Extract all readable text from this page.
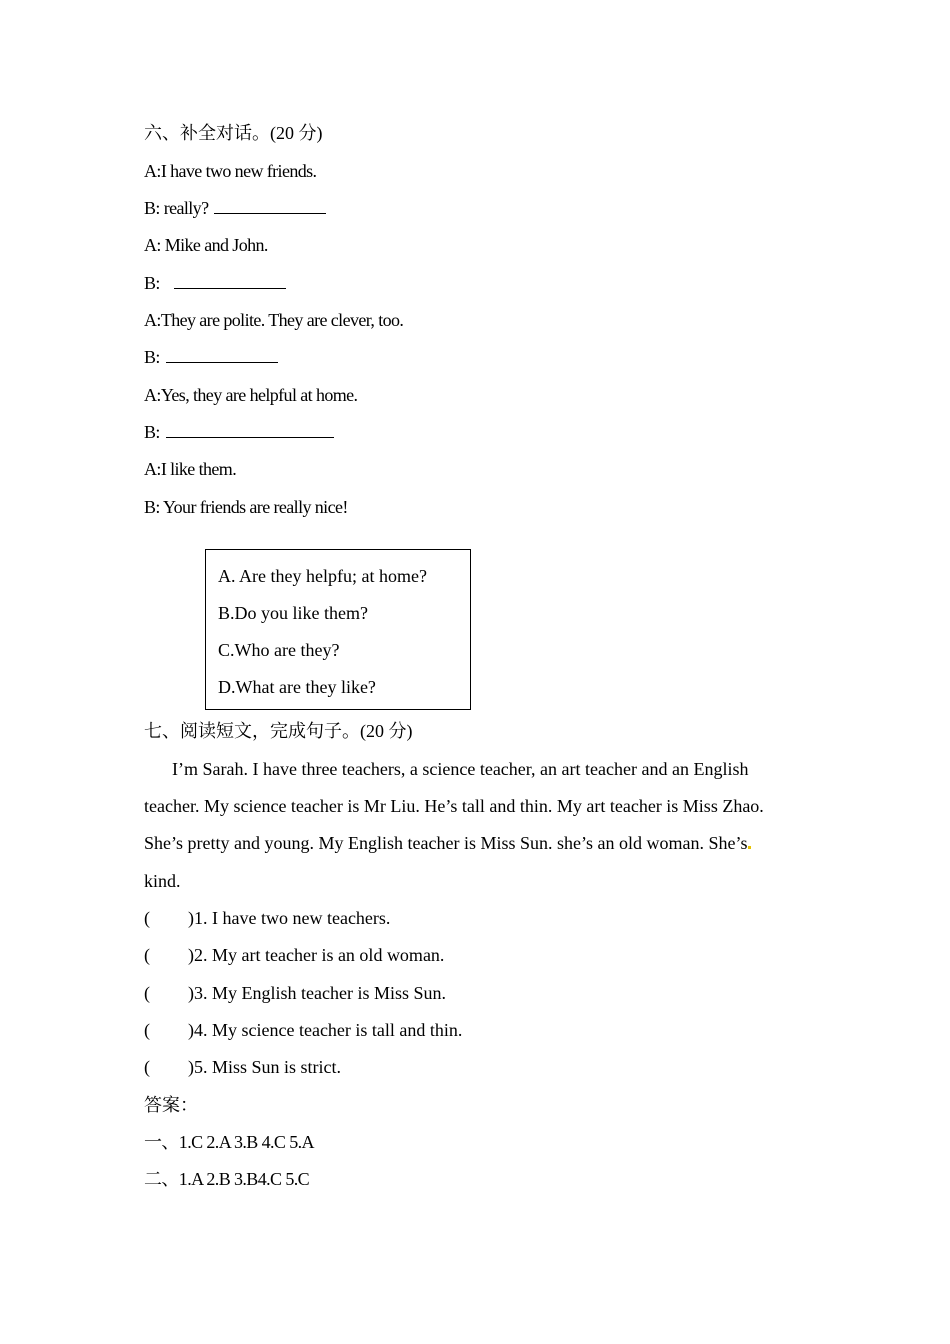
六、补全对话。(20 分)
A:I have two new friends.
B: really?
A: Mike and John.
B:
A:They are polite. They are clever, too.
B:
A:Yes, they are helpful at home.
B:
A:I like them.
B: Your friends are really nice!
A. Are they helpfu; at home?
B.Do you like them?
C.Who are they?
D.What are they like?
七、阅读短文，完成句子。(20 分)
I’m Sarah. I have three teachers, a science teacher, an art teacher and an English
teacher. My science teacher is Mr Liu. He’s tall and thin. My art teacher is Miss Zhao.
She’s pretty and young. My English teacher is Miss Sun. she’s an old woman. She’s
kind.
( )1. I have two new teachers.
( )2. My art teacher is an old woman.
( )3. My English teacher is Miss Sun.
( )4. My science teacher is tall and thin.
( )5. Miss Sun is strict.
答案：
一、1.C 2.A 3.B 4.C 5.A
二、1.A 2.B 3.B4.C 5.C
